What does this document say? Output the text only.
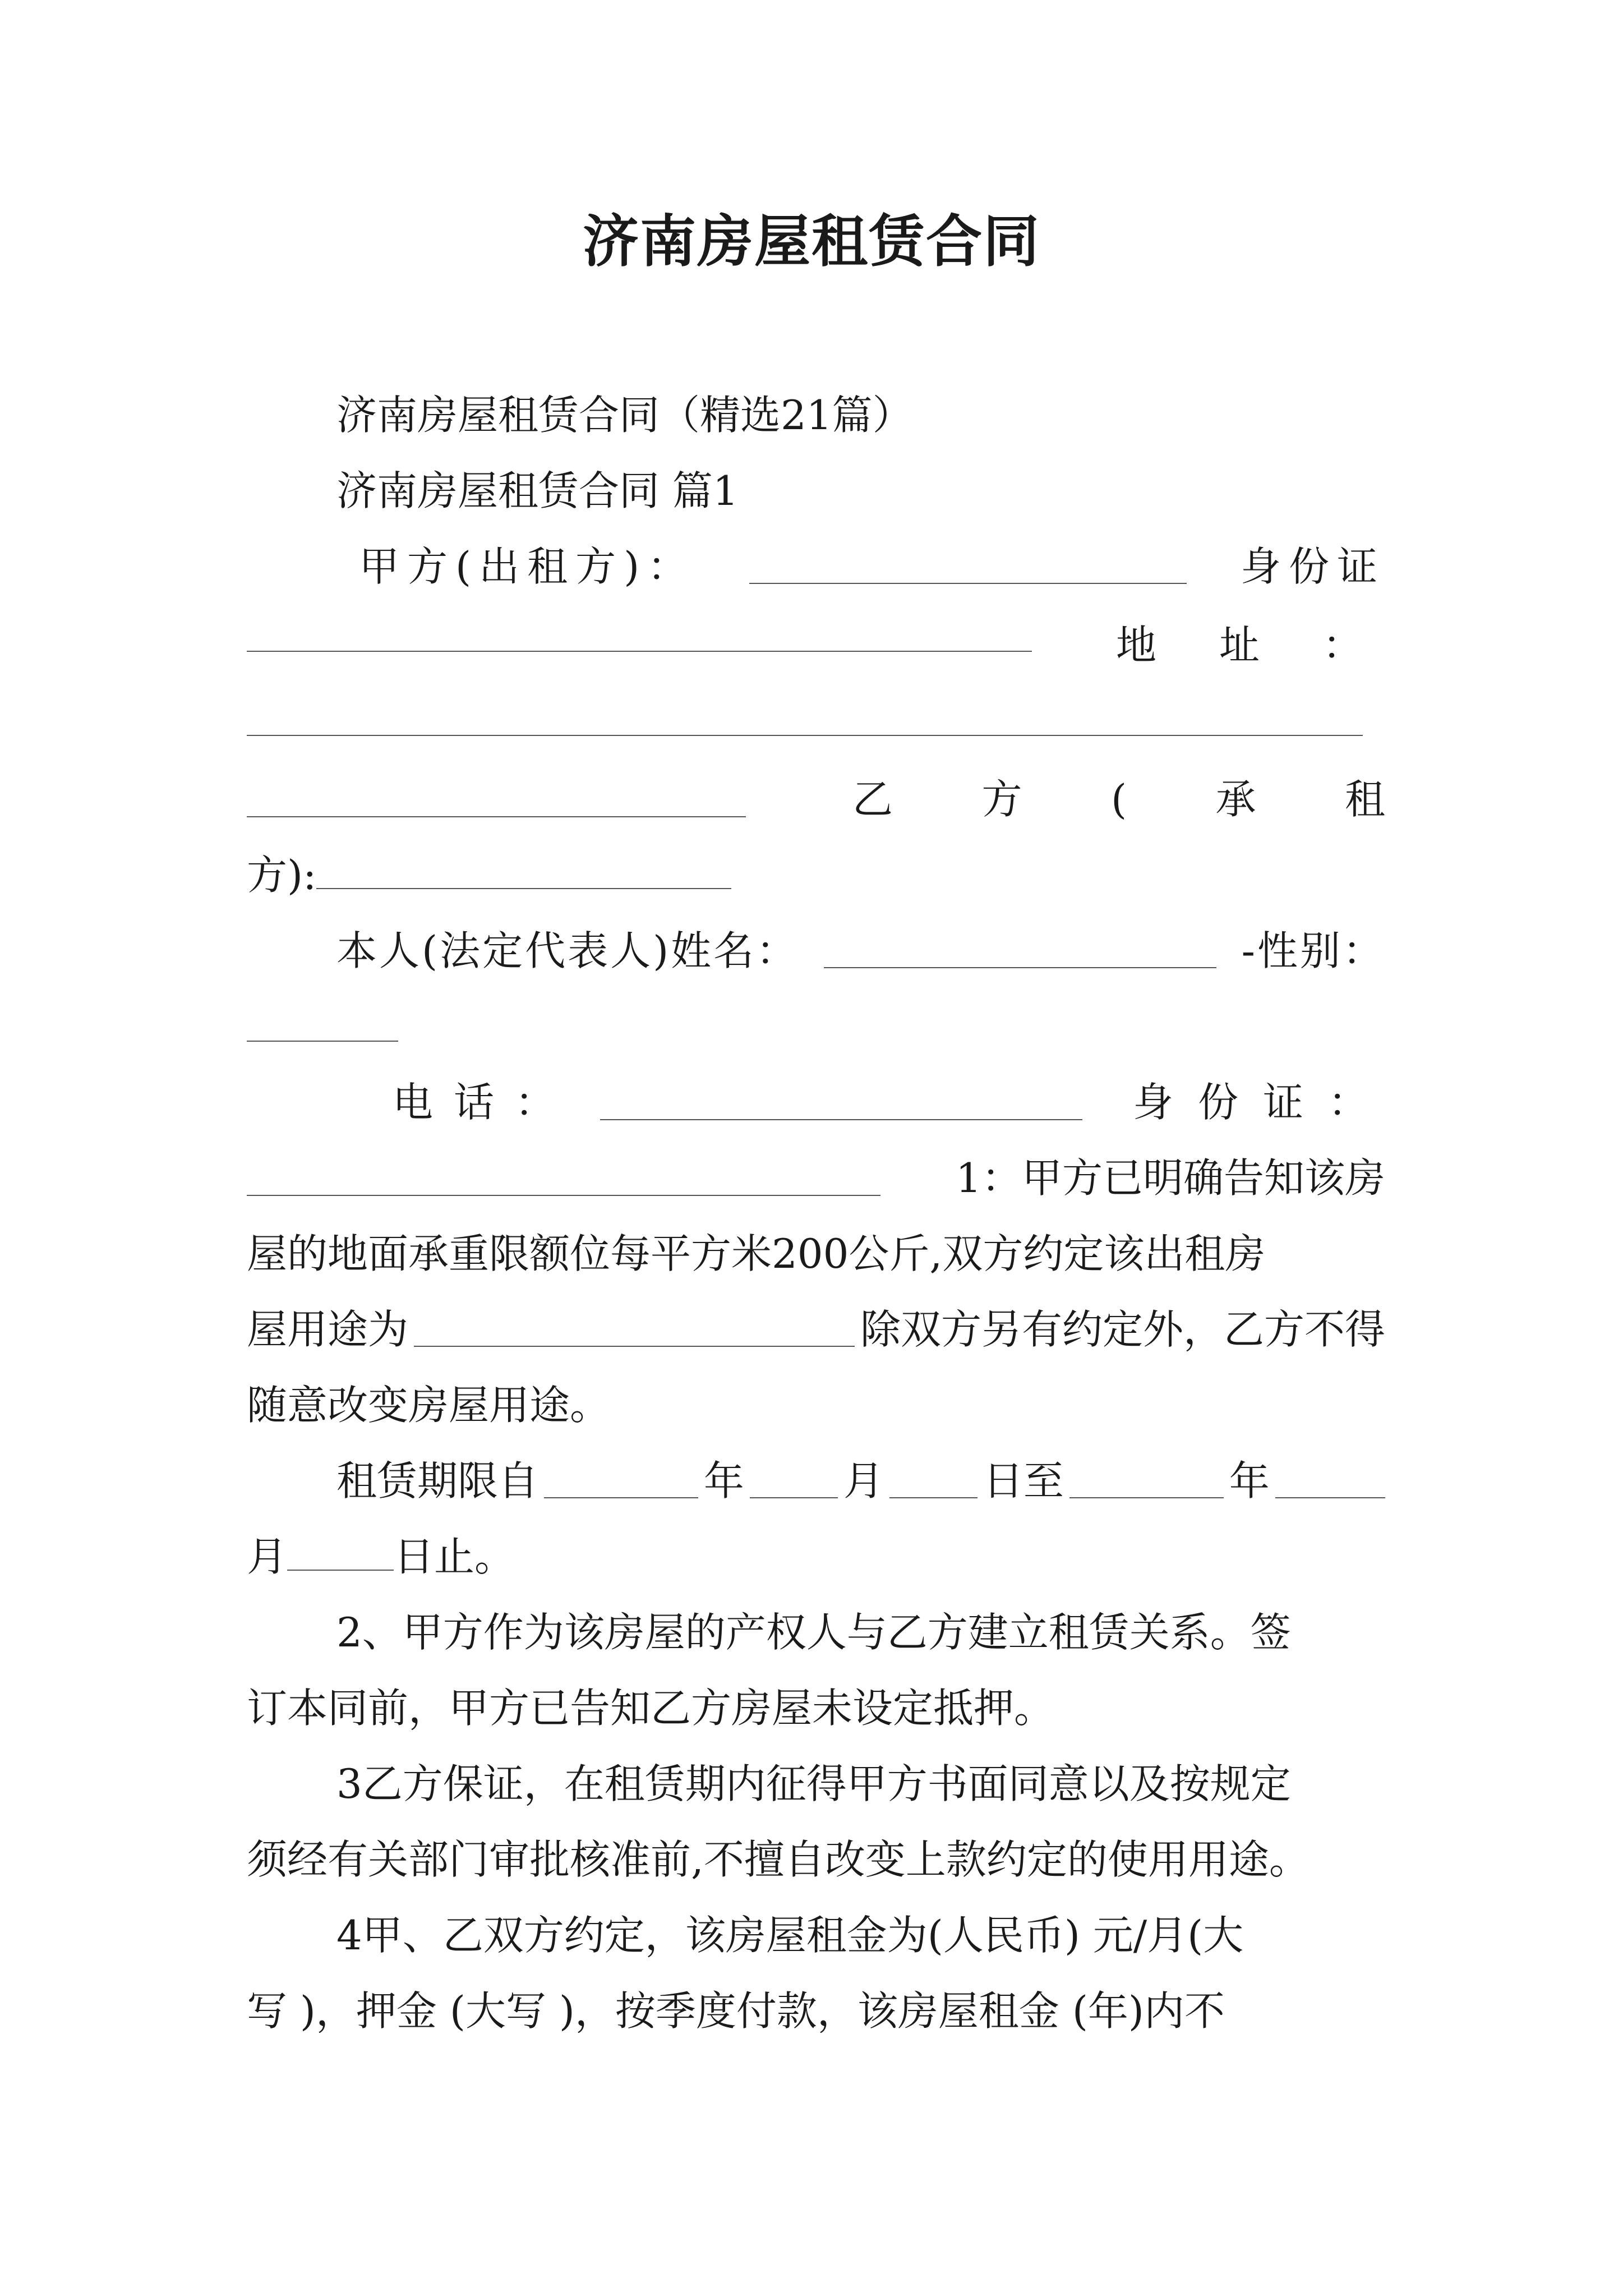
济南房屋租赁合同
济南房屋租赁合同（精选21篇）
济南房屋租赁合同 篇1
甲方(出租方)：	身份证
地 址 ：
乙 方 ( 承 租
方):
本人(法定代表人)姓名：	-性别：
电 话 ：	身 份 证 ：
1：甲方已明确告知该房
屋的地面承重限额位每平方米200公斤,双方约定该出租房
屋用途为	除双方另有约定外，乙方不得
随意改变房屋用途。
租赁期限自	年 月 日至	年
月	日止。
2、甲方作为该房屋的产权人与乙方建立租赁关系。签
订本同前，甲方已告知乙方房屋未设定抵押。
3乙方保证，在租赁期内征得甲方书面同意以及按规定
须经有关部门审批核准前,不擅自改变上款约定的使用用途。
4甲、乙双方约定，该房屋租金为(人民币) 元/月(大
写 )，押金 (大写 )，按季度付款，该房屋租金 (年)内不
